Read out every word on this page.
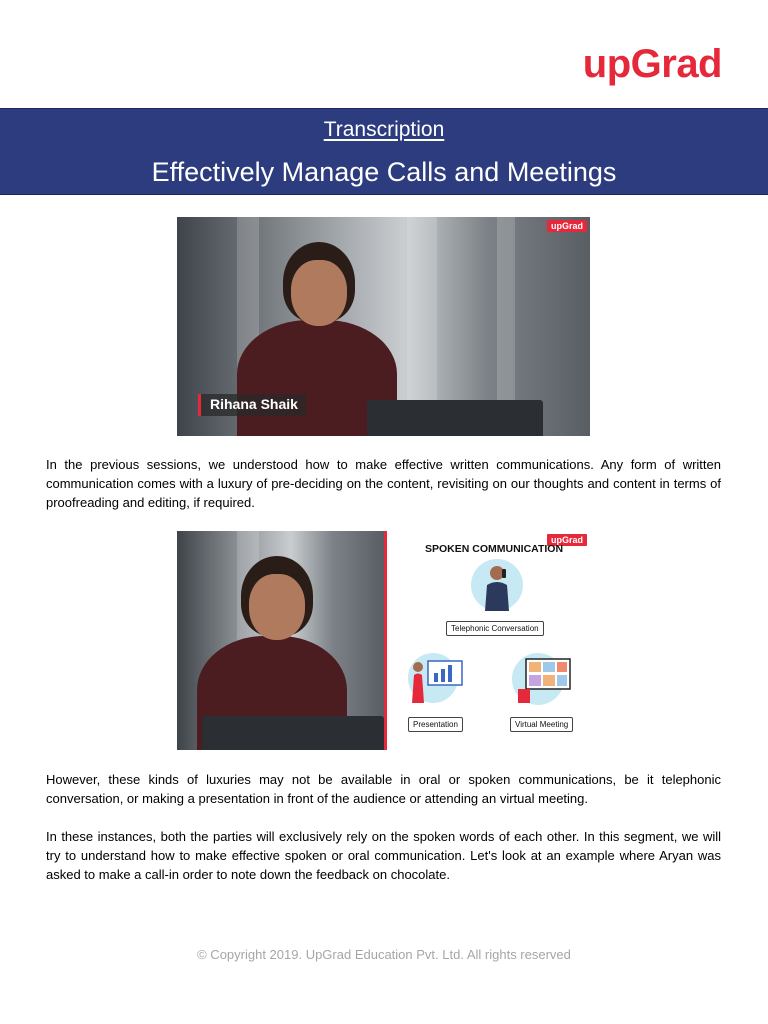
upGrad
Transcription
Effectively Manage Calls and Meetings
upGrad
Rihana Shaik

In the previous sessions, we understood how to make effective written communications. Any form of written communication comes with a luxury of pre-deciding on the content, revisiting on our thoughts and content in terms of proofreading and editing, if required.

upGrad
SPOKEN COMMUNICATION
Telephonic Conversation
Presentation	Virtual Meeting

However, these kinds of luxuries may not be available in oral or spoken communications, be it telephonic conversation, or making a presentation in front of the audience or attending an virtual meeting.

In these instances, both the parties will exclusively rely on the spoken words of each other. In this segment, we will try to understand how to make effective spoken or oral communication. Let's look at an example where Aryan was asked to make a call-in order to note down the feedback on chocolate.

© Copyright 2019. UpGrad Education Pvt. Ltd. All rights reserved
